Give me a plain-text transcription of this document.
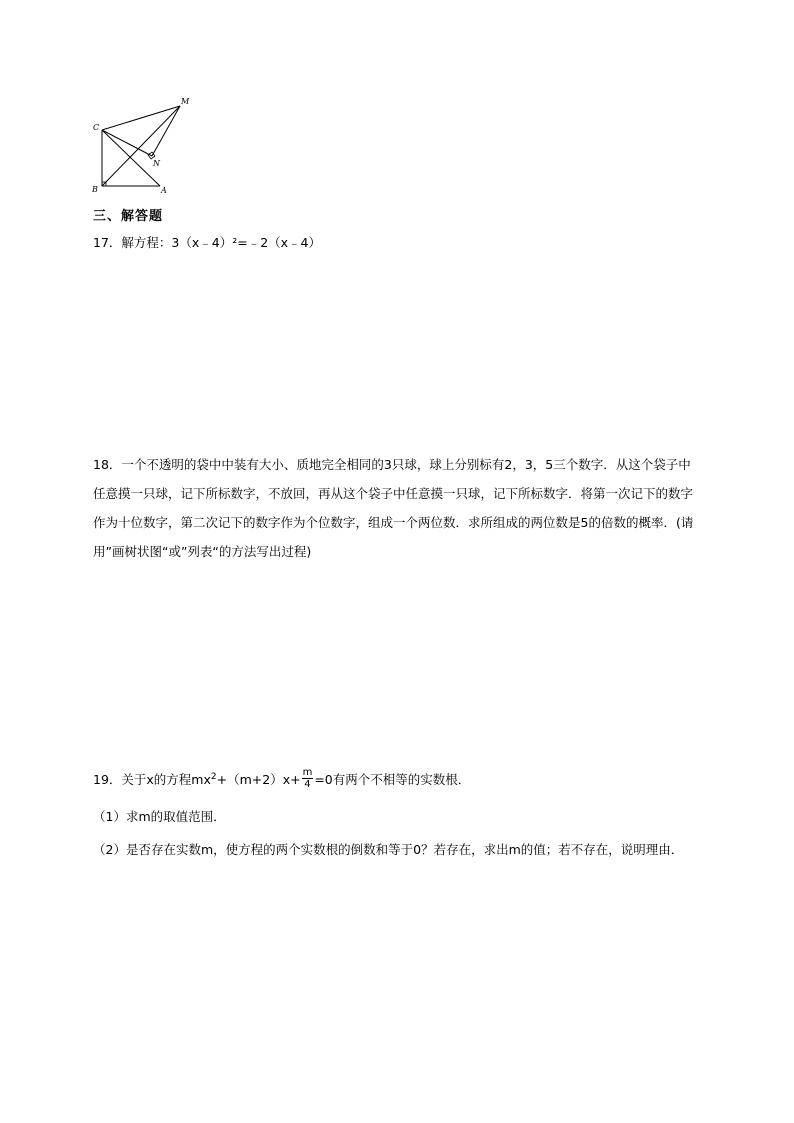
M
C
N
B	A
三、解答题

17．解方程：3（x﹣4）²=﹣2（x﹣4）

18．一个不透明的袋中中装有大小、质地完全相同的3只球，球上分别标有2，3，5三个数字．从这个袋子中任意摸一只球，记下所标数字，不放回，再从这个袋子中任意摸一只球，记下所标数字．将第一次记下的数字作为十位数字，第二次记下的数字作为个位数字，组成一个两位数．求所组成的两位数是5的倍数的概率．(请用”画树状图“或”列表“的方法写出过程)

19．关于x的方程$mx^2+(m+2)x+ \frac{m}{4} =0$有两个不相等的实数根．

（1）求m的取值范围．

（2）是否存在实数m，使方程的两个实数根的倒数和等于0？若存在，求出m的值；若不存在，说明理由．
